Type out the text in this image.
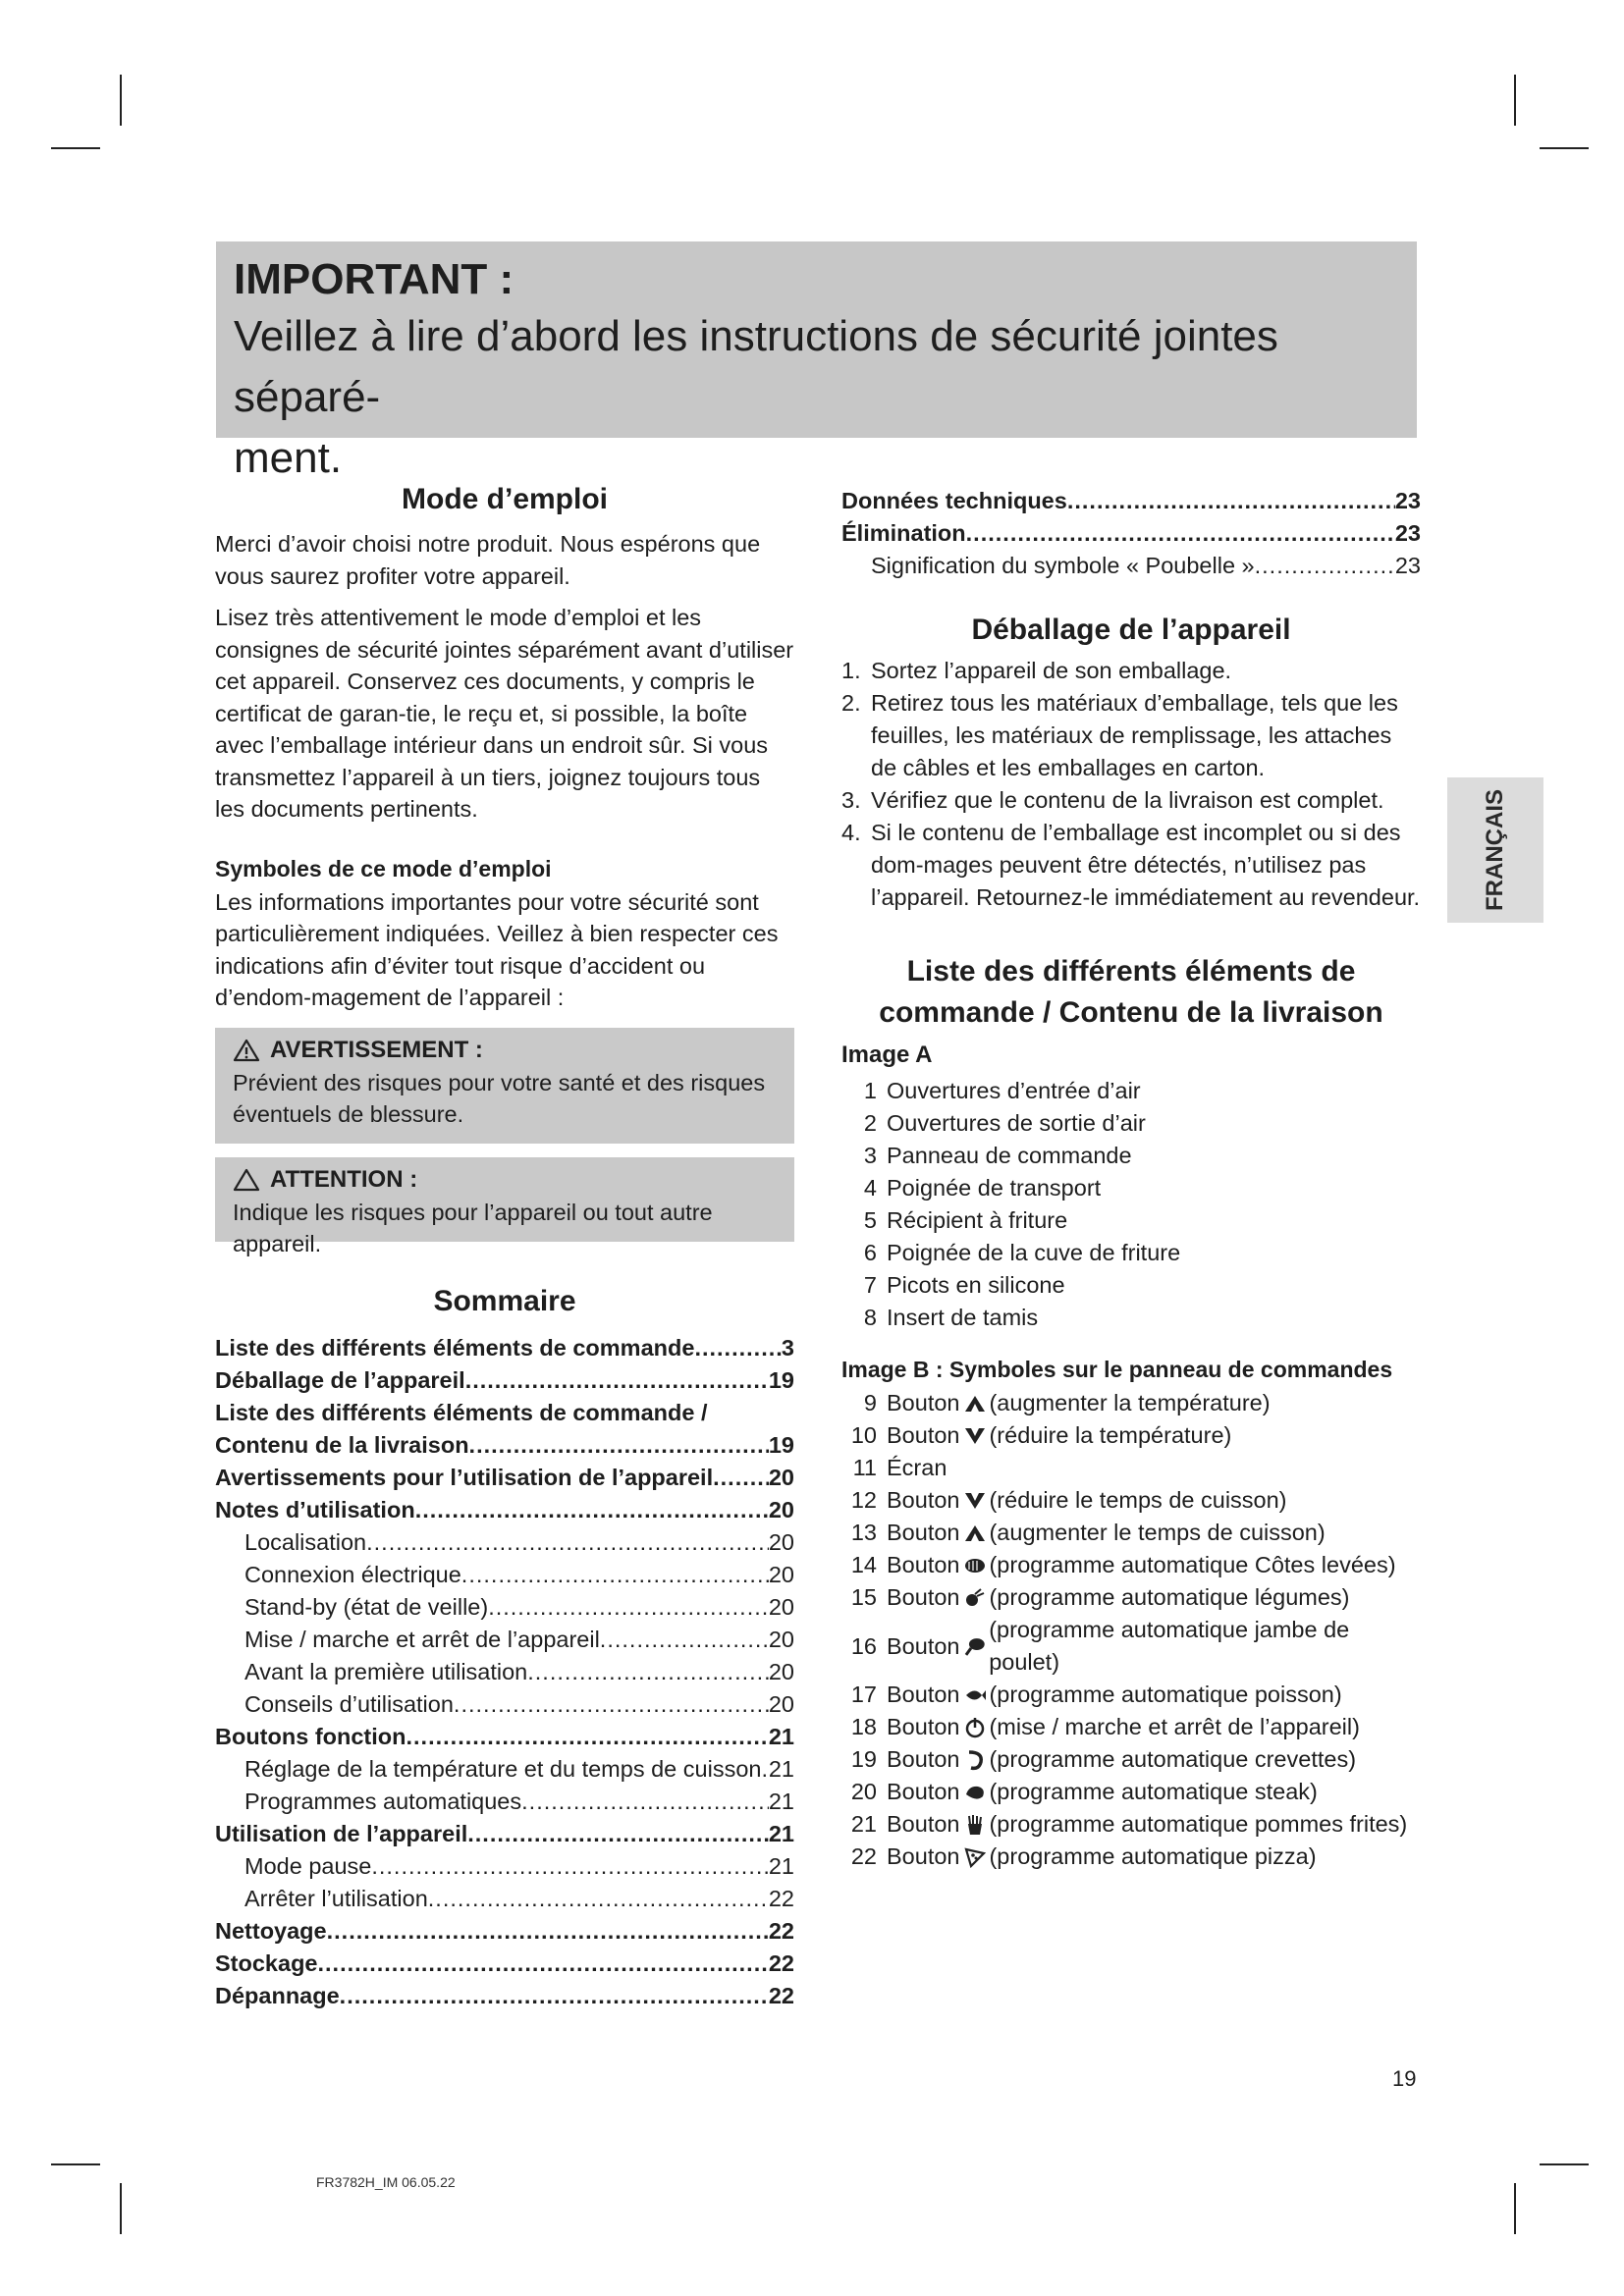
IMPORTANT :
Veillez à lire d’abord les instructions de sécurité jointes séparé-
ment.
Mode d’emploi

Merci d’avoir choisi notre produit. Nous espérons que vous saurez profiter votre appareil.

Lisez très attentivement le mode d’emploi et les consignes de sécurité jointes séparément avant d’utiliser cet appareil. Conservez ces documents, y compris le certificat de garan-tie, le reçu et, si possible, la boîte avec l’emballage intérieur dans un endroit sûr. Si vous transmettez l’appareil à un tiers, joignez toujours tous les documents pertinents.

Symboles de ce mode d’emploi

Les informations importantes pour votre sécurité sont particulièrement indiquées. Veillez à bien respecter ces indications afin d’éviter tout risque d’accident ou d’endom-magement de l’appareil :

AVERTISSEMENT :

Prévient des risques pour votre santé et des risques éventuels de blessure.

ATTENTION :

Indique les risques pour l’appareil ou tout autre appareil.

Sommaire
Liste des différents éléments de commande .....	3
Déballage de l’appareil .....	19
Liste des différents éléments de commande /
Contenu de la livraison .....	19
Avertissements pour l’utilisation de l’appareil ..... 20
Notes d’utilisation .....	20
Localisation .....	20
Connexion électrique .....	20
Stand-by (état de veille) .....	20
Mise / marche et arrêt de l’appareil .....	20
Avant la première utilisation .....	20
Conseils d’utilisation .....	20
Boutons fonction .....	21
Réglage de la température et du temps de cuisson ..... 21
Programmes automatiques .....	21
Utilisation de l’appareil .....	21
Mode pause .....	21
Arrêter l’utilisation .....	22
Nettoyage .....	22
Stockage .....	22
Dépannage .....	22
Données techniques .....	23
Élimination .....	23
Signification du symbole « Poubelle » .....	23
Déballage de l’appareil
1. Sortez l’appareil de son emballage.
2. Retirez tous les matériaux d’emballage, tels que les feuilles, les matériaux de remplissage, les attaches de câbles et les emballages en carton.
3. Vérifiez que le contenu de la livraison est complet.
4. Si le contenu de l’emballage est incomplet ou si des dom-mages peuvent être détectés, n’utilisez pas l’appareil. Retournez-le immédiatement au revendeur.
Liste des différents éléments de
commande / Contenu de la livraison
Image A
1 Ouvertures d’entrée d’air
2 Ouvertures de sortie d’air
3 Panneau de commande
4 Poignée de transport
5 Récipient à friture
6 Poignée de la cuve de friture
7 Picots en silicone
8 Insert de tamis
Image B : Symboles sur le panneau de commandes
9 Bouton (augmenter la température)
10 Bouton (réduire la température)
11 Écran
12 Bouton (réduire le temps de cuisson)
13 Bouton (augmenter le temps de cuisson)
14 Bouton (programme automatique Côtes levées)
15 Bouton (programme automatique légumes)
16 Bouton
(programme automatique jambe de poulet)
17 Bouton (programme automatique poisson)
18 Bouton (mise / marche et arrêt de l’appareil)
19 Bouton (programme automatique crevettes)
20 Bouton (programme automatique steak)
21 Bouton (programme automatique pommes frites)
22 Bouton (programme automatique pizza)
FRANÇAIS
19
FR3782H_IM 06.05.22
